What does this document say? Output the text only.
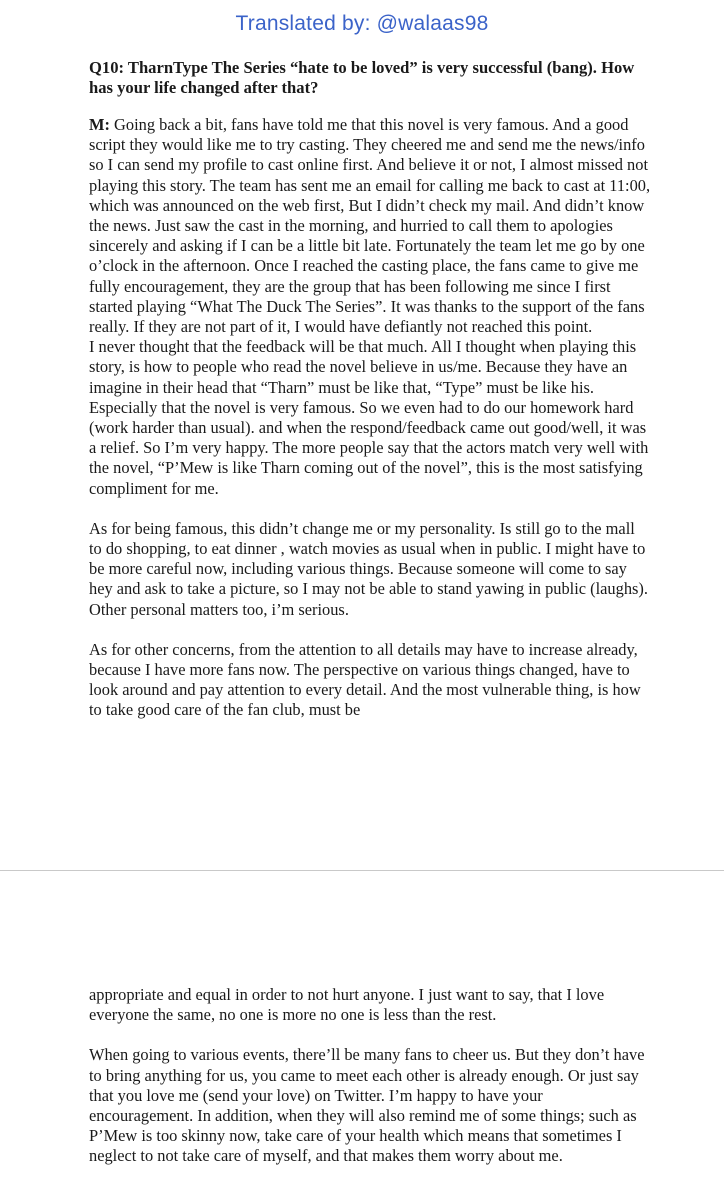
Translated by: @walaas98

Q10: TharnType The Series “hate to be loved” is very successful (bang). How has your life changed after that?

M: Going back a bit, fans have told me that this novel is very famous. And a good script they would like me to try casting. They cheered me and send me the news/info so I can send my profile to cast online first. And believe it or not, I almost missed not playing this story. The team has sent me an email for calling me back to cast at 11:00, which was announced on the web first, But I didn’t check my mail. And didn’t know the news. Just saw the cast in the morning, and hurried to call them to apologies sincerely and asking if I can be a little bit late. Fortunately the team let me go by one o’clock in the afternoon. Once I reached the casting place, the fans came to give me fully encouragement, they are the group that has been following me since I first started playing “What The Duck The Series”. It was thanks to the support of the fans really. If they are not part of it, I would have defiantly not reached this point.

I never thought that the feedback will be that much. All I thought when playing this story, is how to people who read the novel believe in us/me. Because they have an imagine in their head that “Tharn” must be like that, “Type” must be like his. Especially that the novel is very famous. So we even had to do our homework hard (work harder than usual). and when the respond/feedback came out good/well, it was a relief. So I’m very happy. The more people say that the actors match very well with the novel, “P’Mew is like Tharn coming out of the novel”, this is the most satisfying compliment for me.

As for being famous, this didn’t change me or my personality. Is still go to the mall to do shopping, to eat dinner , watch movies as usual when in public. I might have to be more careful now, including various things. Because someone will come to say hey and ask to take a picture, so I may not be able to stand yawing in public (laughs). Other personal matters too, i’m serious.

As for other concerns, from the attention to all details may have to increase already, because I have more fans now. The perspective on various things changed, have to look around and pay attention to every detail. And the most vulnerable thing, is how to take good care of the fan club, must be

appropriate and equal in order to not hurt anyone. I just want to say, that I love everyone the same, no one is more no one is less than the rest.

When going to various events, there’ll be many fans to cheer us. But they don’t have to bring anything for us, you came to meet each other is already enough. Or just say that you love me (send your love) on Twitter. I’m happy to have your encouragement. In addition, when they will also remind me of some things; such as P’Mew is too skinny now, take care of your health which means that sometimes I neglect to not take care of myself, and that makes them worry about me.
